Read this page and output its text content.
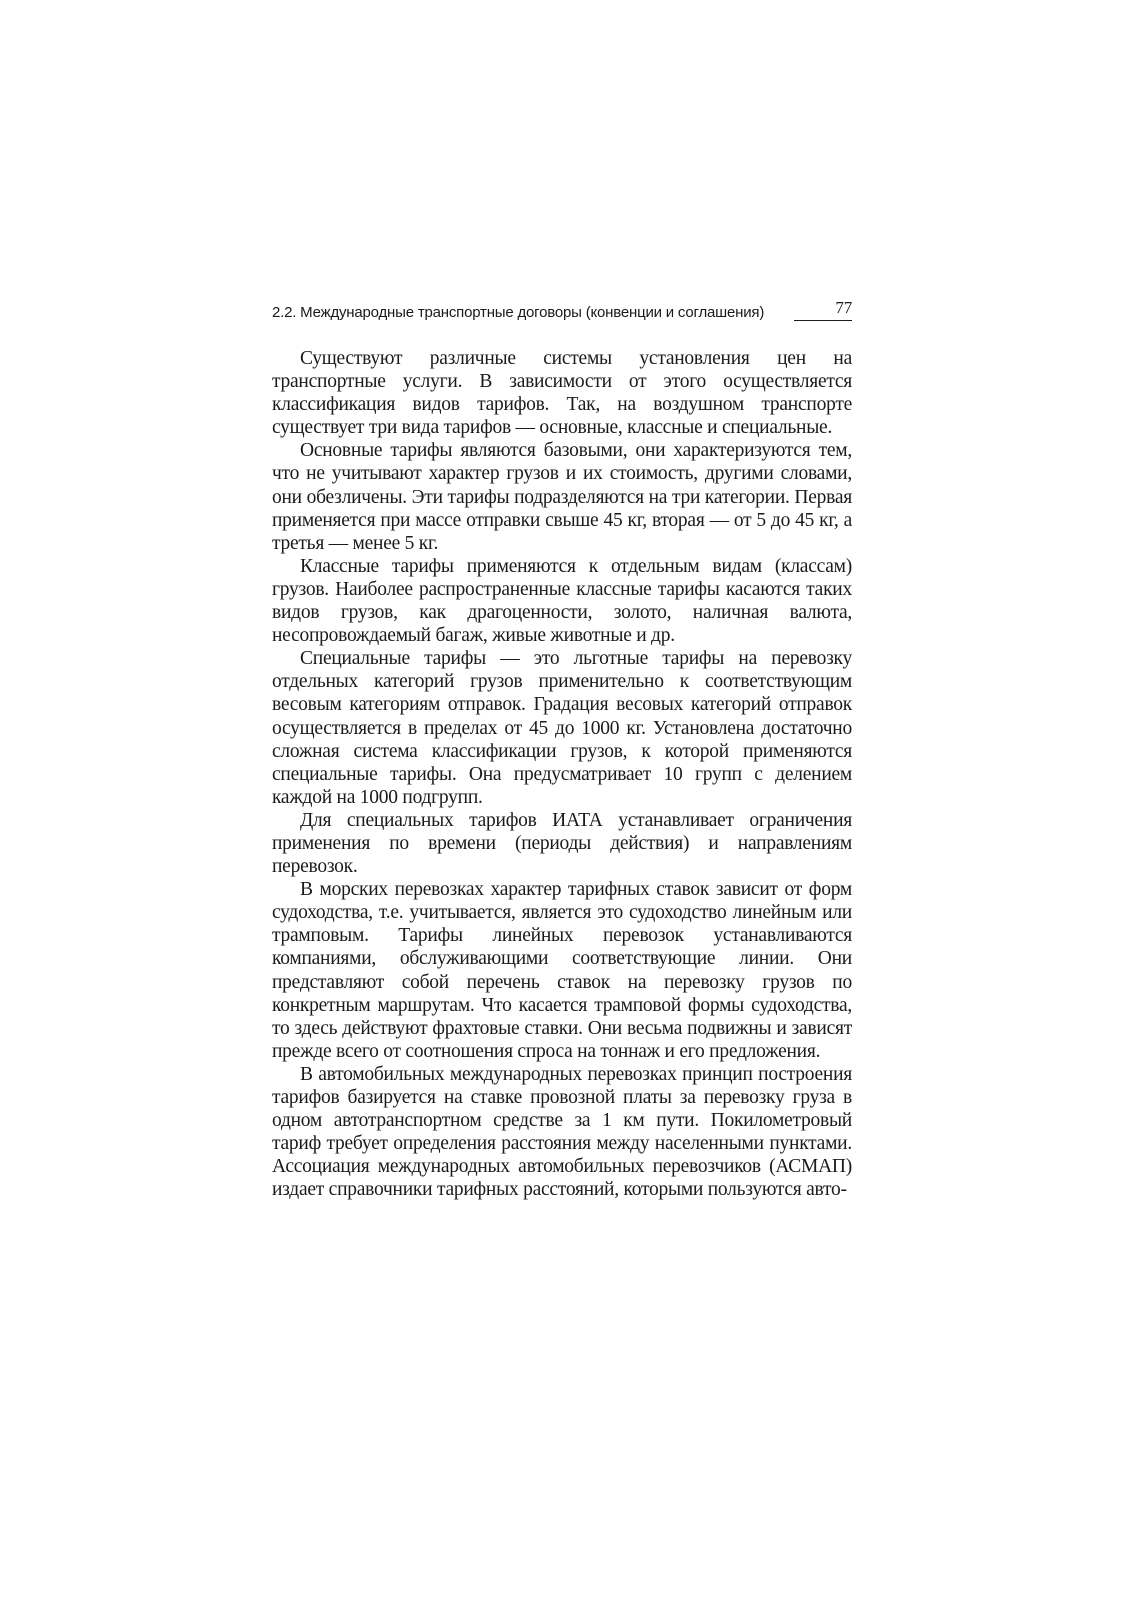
2.2. Международные транспортные договоры (конвенции и соглашения)	77

Существуют различные системы установления цен на транспортные услуги. В зависимости от этого осуществляется классификация видов тарифов. Так, на воздушном транспорте существует три вида тарифов — основные, классные и специальные.

Основные тарифы являются базовыми, они характеризуются тем, что не учитывают характер грузов и их стоимость, другими словами, они обезличены. Эти тарифы подразделяются на три категории. Первая применяется при массе отправки свыше 45 кг, вторая — от 5 до 45 кг, а третья — менее 5 кг.

Классные тарифы применяются к отдельным видам (классам) грузов. Наиболее распространенные классные тарифы касаются таких видов грузов, как драгоценности, золото, наличная валюта, несопровождаемый багаж, живые животные и др.

Специальные тарифы — это льготные тарифы на перевозку отдельных категорий грузов применительно к соответствующим весовым категориям отправок. Градация весовых категорий отправок осуществляется в пределах от 45 до 1000 кг. Установлена достаточно сложная система классификации грузов, к которой применяются специальные тарифы. Она предусматривает 10 групп с делением каждой на 1000 подгрупп.

Для специальных тарифов ИАТА устанавливает ограничения применения по времени (периоды действия) и направлениям перевозок.

В морских перевозках характер тарифных ставок зависит от форм судоходства, т.е. учитывается, является это судоходство линейным или трамповым. Тарифы линейных перевозок устанавливаются компаниями, обслуживающими соответствующие линии. Они представляют собой перечень ставок на перевозку грузов по конкретным маршрутам. Что касается трамповой формы судоходства, то здесь действуют фрахтовые ставки. Они весьма подвижны и зависят прежде всего от соотношения спроса на тоннаж и его предложения.

В автомобильных международных перевозках принцип построения тарифов базируется на ставке провозной платы за перевозку груза в одном автотранспортном средстве за 1 км пути. Покилометровый тариф требует определения расстояния между населенными пунктами. Ассоциация международных автомобильных перевозчиков (АСМАП) издает справочники тарифных расстояний, которыми пользуются авто-
